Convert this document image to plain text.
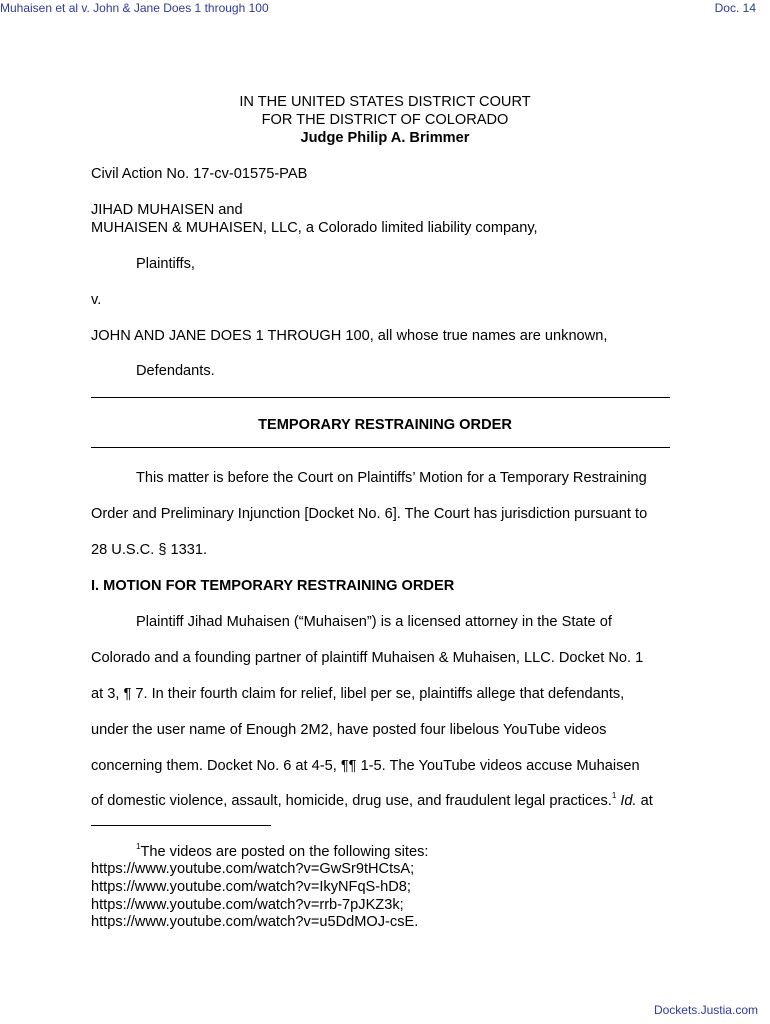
Muhaisen et al v. John & Jane Does 1 through 100	Doc. 14
IN THE UNITED STATES DISTRICT COURT
FOR THE DISTRICT OF COLORADO
Judge Philip A. Brimmer
Civil Action No. 17-cv-01575-PAB
JIHAD MUHAISEN and
MUHAISEN & MUHAISEN, LLC, a Colorado limited liability company,
Plaintiffs,
v.
JOHN AND JANE DOES 1 THROUGH 100, all whose true names are unknown,
Defendants.
TEMPORARY RESTRAINING ORDER
This matter is before the Court on Plaintiffs’ Motion for a Temporary Restraining
Order and Preliminary Injunction [Docket No. 6]. The Court has jurisdiction pursuant to
28 U.S.C. § 1331.
I. MOTION FOR TEMPORARY RESTRAINING ORDER
Plaintiff Jihad Muhaisen (“Muhaisen”) is a licensed attorney in the State of
Colorado and a founding partner of plaintiff Muhaisen & Muhaisen, LLC. Docket No. 1
at 3, ¶ 7. In their fourth claim for relief, libel per se, plaintiffs allege that defendants,
under the user name of Enough 2M2, have posted four libelous YouTube videos
concerning them. Docket No. 6 at 4-5, ¶¶ 1-5. The YouTube videos accuse Muhaisen
of domestic violence, assault, homicide, drug use, and fraudulent legal practices.$^1$ Id. at
$^1$The videos are posted on the following sites:
https://www.youtube.com/watch?v=GwSr9tHCtsA;
https://www.youtube.com/watch?v=IkyNFqS-hD8;
https://www.youtube.com/watch?v=rrb-7pJKZ3k;
https://www.youtube.com/watch?v=u5DdMOJ-csE.
Dockets.Justia.com
